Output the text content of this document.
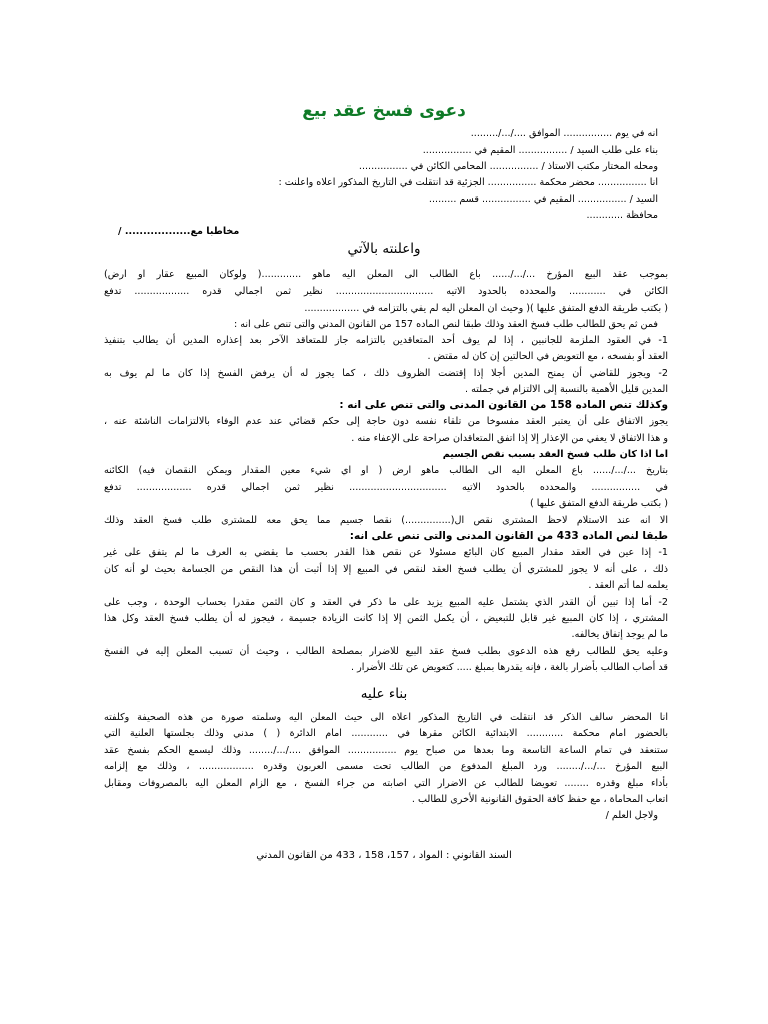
دعوى فسخ عقد بيع
انه في يوم ................ الموافق ..../.../.........
بناء على طلب السيد / ................ المقيم في ................
ومحله المختار مكتب الاستاذ / ................ المحامي الكائن في ................
انا ................ محضر محكمة ................ الجزئية قد انتقلت في التاريخ المذكور اعلاه واعلنت :
السيد / ................ المقيم في ................ قسم .........
محافظة ............
مخاطبا مع.................. /
واعلنته بالآتي
بموجب عقد البيع المؤرخ .../.../...... باع الطالب الى المعلن اليه ماهو .............( ولوكان المبيع عقار او ارض)
الكائن في ............ والمحدده بالحدود الاتيه ................................ نظير ثمن اجمالي قدره .................. تدفع
( بكتب طريقة الدفع المتفق عليها )( وحيث ان المعلن اليه لم يفي بالتزامه في ..................
فمن ثم يحق للطالب طلب فسخ العقد وذلك طبقا لنص الماده 157 من القانون المدني والتى تنص على انه :
1- في العقود الملزمة للجانبين ، إذا لم يوف أحد المتعاقدين بالتزامه جاز للمتعاقد الآخر بعد إعذاره المدين أن يطالب بتنفيذ
العقد أو بفسخه ، مع التعويض في الحالتين إن كان له مقتض .
2- ويجوز للقاضي أن يمنح المدين أجلا إذا إقتضت الظروف ذلك ، كما يجوز له أن يرفض الفسخ إذا كان ما لم يوف به
المدين قليل الأهمية بالنسبة إلى الالتزام في جملته .
وكذلك تنص الماده 158 من القانون المدنى والتى تنص على انه :
يجوز الاتفاق على أن يعتبر العقد مفسوخا من تلقاء نفسه دون حاجة إلى حكم قضائي عند عدم الوفاء بالالتزامات الناشئة عنه ،
و هذا الاتفاق لا يعفي من الإعذار إلا إذا اتفق المتعاقدان صراحة على الإعفاء منه .
اما اذا كان طلب فسخ العقد بسبب نقص الجسيم
بتاريخ .../.../...... باع المعلن اليه الى الطالب ماهو ارض ( او اي شيء معين المقدار ويمكن النقصان فيه) الكائنه
في ................ والمحدده بالحدود الاتيه ................................ نظير ثمن اجمالي قدره .................. تدفع
( بكتب طريقة الدفع المتفق عليها )
الا انه عند الاستلام لاحظ المشترى نقص ال(...............) نقصا جسيم مما يحق معه للمشترى طلب فسخ العقد وذلك
طبقا لنص الماده 433 من القانون المدنى والتى تنص على انه:
1- إذا عين في العقد مقدار المبيع كان البائع مسئولا عن نقص هذا القدر بحسب ما يقضي به العرف ما لم يتفق على غير
ذلك ، على أنه لا يجوز للمشتري أن يطلب فسخ العقد لنقص في المبيع إلا إذا أثبت أن هذا النقص من الجسامة بحيث لو أنه كان
يعلمه لما أتم العقد .
2- أما إذا تبين أن القدر الذي يشتمل عليه المبيع يزيد على ما ذكر في العقد و كان الثمن مقدرا بحساب الوحدة ، وجب على
المشتري ، إذا كان المبيع غير قابل للتبعيض ، أن يكمل الثمن إلا إذا كانت الزيادة جسيمة ، فيجوز له أن يطلب فسخ العقد وكل هذا
ما لم يوجد إتفاق يخالفه.
وعليه يحق للطالب رفع هذه الدعوى بطلب فسخ عقد البيع للاضرار بمصلحة الطالب ، وحيث أن تسبب المعلن إليه في الفسخ
قد أصاب الطالب بأضرار بالغة ، فإنه يقدرها بمبلغ ..... كتعويض عن تلك الأضرار .
بناء عليه
انا المحضر سالف الذكر قد انتقلت في التاريخ المذكور اعلاه الى حيث المعلن اليه وسلمته صورة من هذه الصحيفة وكلفته
بالحضور امام محكمة ............ الابتدائية الكائن مقرها في ............ امام الدائرة ( ) مدني وذلك بجلستها العلنية التي
ستنعقد في تمام الساعة التاسعة وما بعدها من صباح يوم ................ الموافق ..../.../........ وذلك ليسمع الحكم بفسخ عقد
البيع المؤرخ .../.../........ ورد المبلغ المدفوع من الطالب تحت مسمى العربون وقدره .................. ، وذلك مع إلزامه
بأداء مبلغ وقدره ........ تعويضا للطالب عن الاضرار التي اصابته من جراء الفسخ ، مع الزام المعلن اليه بالمصروفات ومقابل
اتعاب المحاماة ، مع حفظ كافة الحقوق القانونية الأخرى للطالب .
ولاجل العلم /
السند القانوني : المواد ، 157، 158 ، 433 من القانون المدني
